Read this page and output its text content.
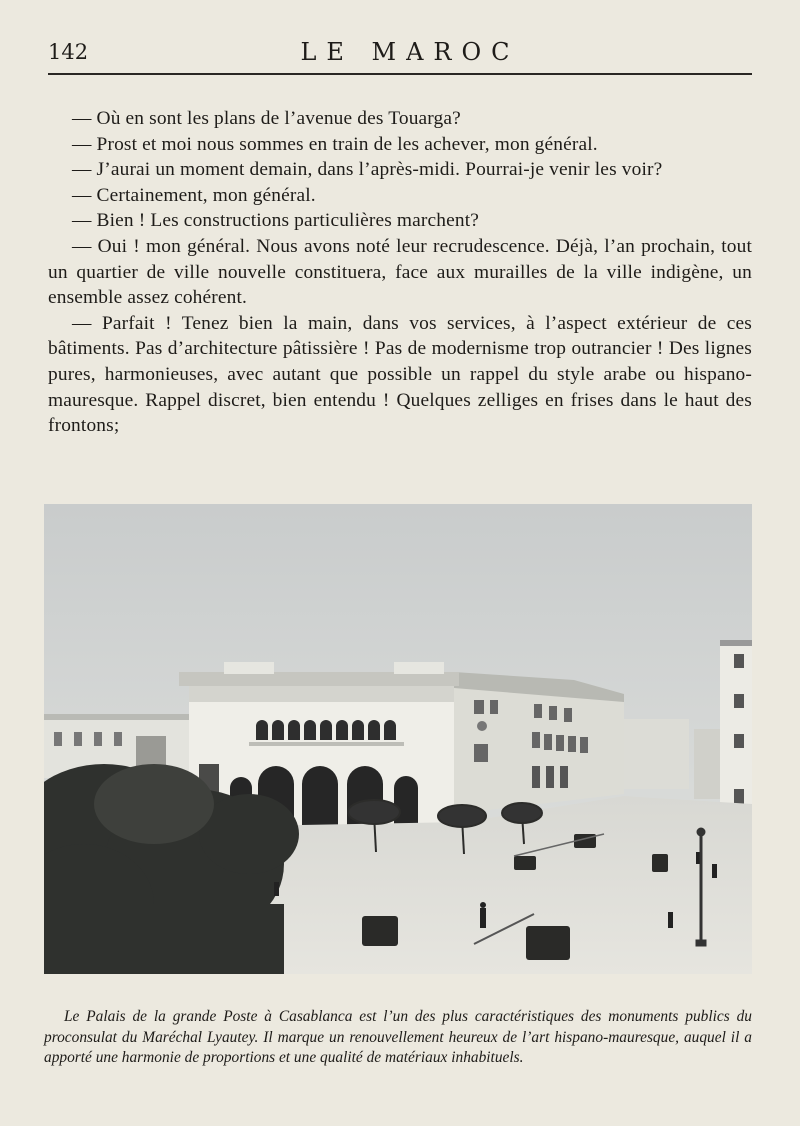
142	LE MAROC

— Où en sont les plans de l’avenue des Touarga?

— Prost et moi nous sommes en train de les achever, mon général.

— J’aurai un moment demain, dans l’après-midi. Pourrai-je venir les voir?

— Certainement, mon général.

— Bien ! Les constructions particulières marchent?

— Oui ! mon général. Nous avons noté leur recrudescence. Déjà, l’an prochain, tout un quartier de ville nouvelle constituera, face aux murailles de la ville indigène, un ensemble assez cohérent.

— Parfait ! Tenez bien la main, dans vos services, à l’aspect extérieur de ces bâtiments. Pas d’architecture pâtissière ! Pas de modernisme trop outrancier ! Des lignes pures, harmonieuses, avec autant que possible un rappel du style arabe ou hispano-mauresque. Rappel discret, bien entendu ! Quelques zelliges en frises dans le haut des frontons;

Le Palais de la grande Poste à Casablanca est l’un des plus caractéristiques des monuments publics du proconsulat du Maréchal Lyautey. Il marque un renouvellement heureux de l’art hispano-mauresque, auquel il a apporté une harmonie de proportions et une qualité de matériaux inhabituels.
